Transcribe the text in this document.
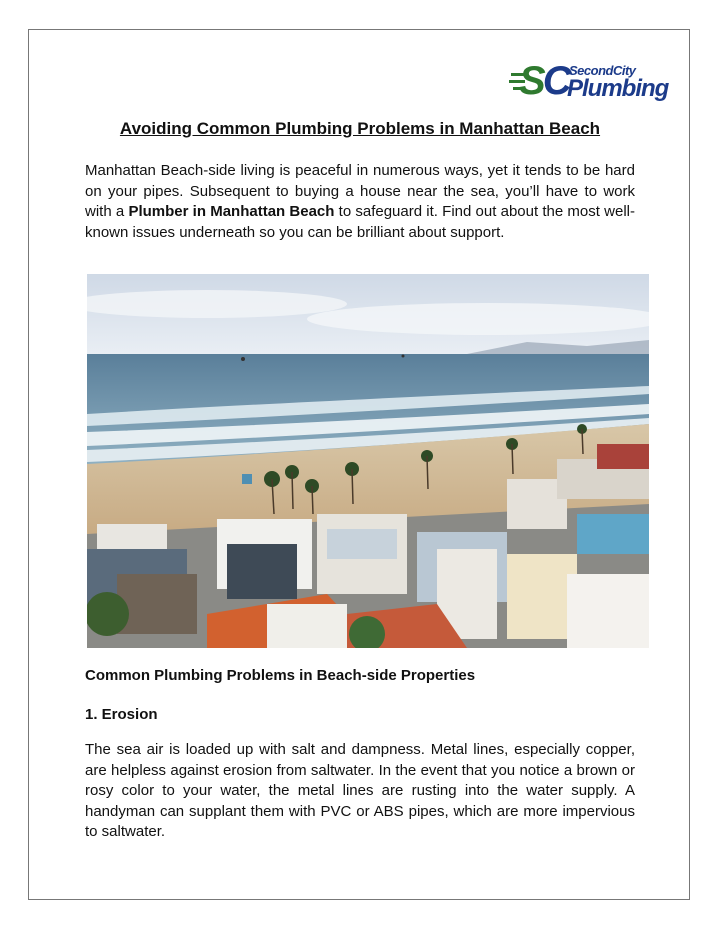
SC SecondCity
Plumbing
Avoiding Common Plumbing Problems in Manhattan Beach

Manhattan Beach-side living is peaceful in numerous ways, yet it tends to be hard on your pipes. Subsequent to buying a house near the sea, you’ll have to work with a Plumber in Manhattan Beach to safeguard it. Find out about the most well-known issues underneath so you can be brilliant about support.

Common Plumbing Problems in Beach-side Properties
1. Erosion

The sea air is loaded up with salt and dampness. Metal lines, especially copper, are helpless against erosion from saltwater. In the event that you notice a brown or rosy color to your water, the metal lines are rusting into the water supply. A handyman can supplant them with PVC or ABS pipes, which are more impervious to saltwater.
